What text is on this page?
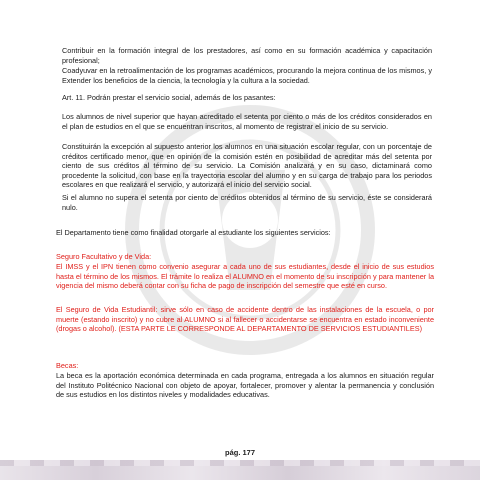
Contribuir en la formación integral de los prestadores, así como en su formación académica y capacitación profesional;
Coadyuvar en la retroalimentación de los programas académicos, procurando la mejora continua de los mismos, y Extender los beneficios de la ciencia, la tecnología y la cultura a la sociedad.
Art. 11. Podrán prestar el servicio social, además de los pasantes:
Los alumnos de nivel superior que hayan acreditado el setenta por ciento o más de los créditos considerados en el plan de estudios en el que se encuentran inscritos, al momento de registrar el inicio de su servicio.
Constituirán la excepción al supuesto anterior los alumnos en una situación escolar regular, con un porcentaje de créditos certificado menor, que en opinión de la comisión estén en posibilidad de acreditar más del setenta por ciento de sus créditos al término de su servicio. La Comisión analizará y en su caso, dictaminará como procedente la solicitud, con base en la trayectoria escolar del alumno y en su carga de trabajo para los periodos escolares en que realizará el servicio, y autorizará el inicio del servicio social.
Si el alumno no supera el setenta por ciento de créditos obtenidos al término de su servicio, éste se considerará nulo.
El Departamento tiene como finalidad otorgarle al estudiante los siguientes servicios:
Seguro Facultativo y de Vida:
El IMSS y el IPN tienen como convenio asegurar a cada uno de sus estudiantes, desde el inicio de sus estudios hasta el término de los mismos. El trámite lo realiza el ALUMNO en el momento de su inscripción y para mantener la vigencia del mismo deberá contar con su ficha de pago de inscripción del semestre que esté en curso.
El Seguro de Vida Estudiantil: sirve sólo en caso de accidente dentro de las instalaciones de la escuela, o por muerte (estando inscrito) y no cubre al ALUMNO si al fallecer o accidentarse se encuentra en estado inconveniente (drogas o alcohol). (ESTA PARTE LE CORRESPONDE AL DEPARTAMENTO DE SERVICIOS ESTUDIANTILES)
Becas:
La beca es la aportación económica determinada en cada programa, entregada a los alumnos en situación regular del Instituto Politécnico Nacional con objeto de apoyar, fortalecer, promover y alentar la permanencia y conclusión de sus estudios en los distintos niveles y modalidades educativas.
pág. 177
